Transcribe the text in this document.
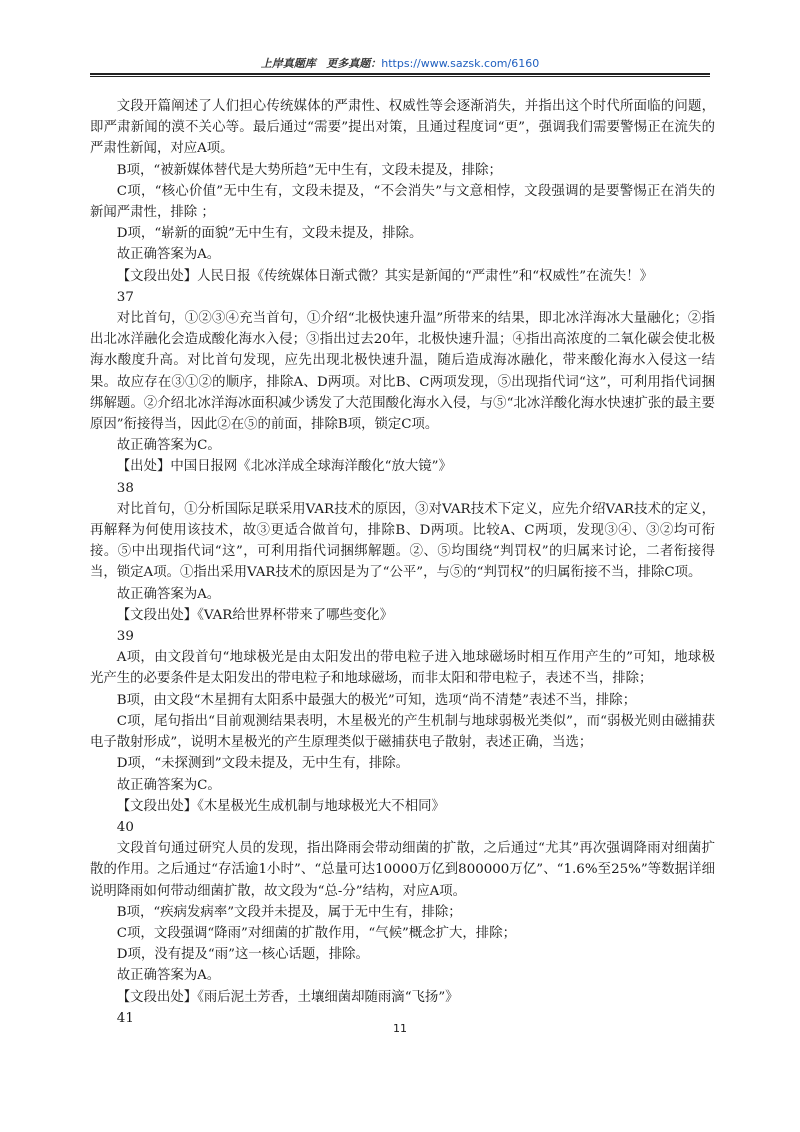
上岸真题库 更多真题：https://www.sazsk.com/6160

文段开篇阐述了人们担心传统媒体的严肃性、权威性等会逐渐消失，并指出这个时代所面临的问题，即严肃新闻的漠不关心等。最后通过“需要”提出对策，且通过程度词“更”，强调我们需要警惕正在流失的严肃性新闻，对应A项。

B项，“被新媒体替代是大势所趋”无中生有，文段未提及，排除；

C项，“核心价值”无中生有，文段未提及，“不会消失”与文意相悖，文段强调的是要警惕正在消失的新闻严肃性，排除 ；

D项，“崭新的面貌”无中生有，文段未提及，排除。

故正确答案为A。

【文段出处】人民日报《传统媒体日渐式微？其实是新闻的“严肃性”和“权威性”在流失！》

37

对比首句，①②③④充当首句，①介绍“北极快速升温”所带来的结果，即北冰洋海冰大量融化；②指出北冰洋融化会造成酸化海水入侵；③指出过去20年，北极快速升温；④指出高浓度的二氧化碳会使北极海水酸度升高。对比首句发现，应先出现北极快速升温，随后造成海冰融化，带来酸化海水入侵这一结果。故应存在③①②的顺序，排除A、D两项。对比B、C两项发现，⑤出现指代词“这”，可利用指代词捆绑解题。②介绍北冰洋海冰面积减少诱发了大范围酸化海水入侵，与⑤“北冰洋酸化海水快速扩张的最主要原因”衔接得当，因此②在⑤的前面，排除B项，锁定C项。

故正确答案为C。

【出处】中国日报网《北冰洋成全球海洋酸化“放大镜”》

38

对比首句，①分析国际足联采用VAR技术的原因，③对VAR技术下定义，应先介绍VAR技术的定义，再解释为何使用该技术，故③更适合做首句，排除B、D两项。比较A、C两项，发现③④、③②均可衔接。⑤中出现指代词“这”，可利用指代词捆绑解题。②、⑤均围绕“判罚权”的归属来讨论，二者衔接得当，锁定A项。①指出采用VAR技术的原因是为了“公平”，与⑤的“判罚权”的归属衔接不当，排除C项。

故正确答案为A。

【文段出处】《VAR给世界杯带来了哪些变化》

39

A项，由文段首句“地球极光是由太阳发出的带电粒子进入地球磁场时相互作用产生的”可知，地球极光产生的必要条件是太阳发出的带电粒子和地球磁场，而非太阳和带电粒子，表述不当，排除；

B项，由文段“木星拥有太阳系中最强大的极光”可知，选项“尚不清楚”表述不当，排除；

C项，尾句指出“目前观测结果表明，木星极光的产生机制与地球弱极光类似”，而“弱极光则由磁捕获电子散射形成”，说明木星极光的产生原理类似于磁捕获电子散射，表述正确，当选；

D项，“未探测到”文段未提及，无中生有，排除。

故正确答案为C。

【文段出处】《木星极光生成机制与地球极光大不相同》

40

文段首句通过研究人员的发现，指出降雨会带动细菌的扩散，之后通过“尤其”再次强调降雨对细菌扩散的作用。之后通过“存活逾1小时”、“总量可达10000万亿到800000万亿”、“1.6%至25%”等数据详细说明降雨如何带动细菌扩散，故文段为“总-分”结构，对应A项。

B项，“疾病发病率”文段并未提及，属于无中生有，排除；

C项，文段强调“降雨”对细菌的扩散作用，“气候”概念扩大，排除；

D项，没有提及“雨”这一核心话题，排除。

故正确答案为A。

【文段出处】《雨后泥土芳香，土壤细菌却随雨滴“飞扬”》

41

11
